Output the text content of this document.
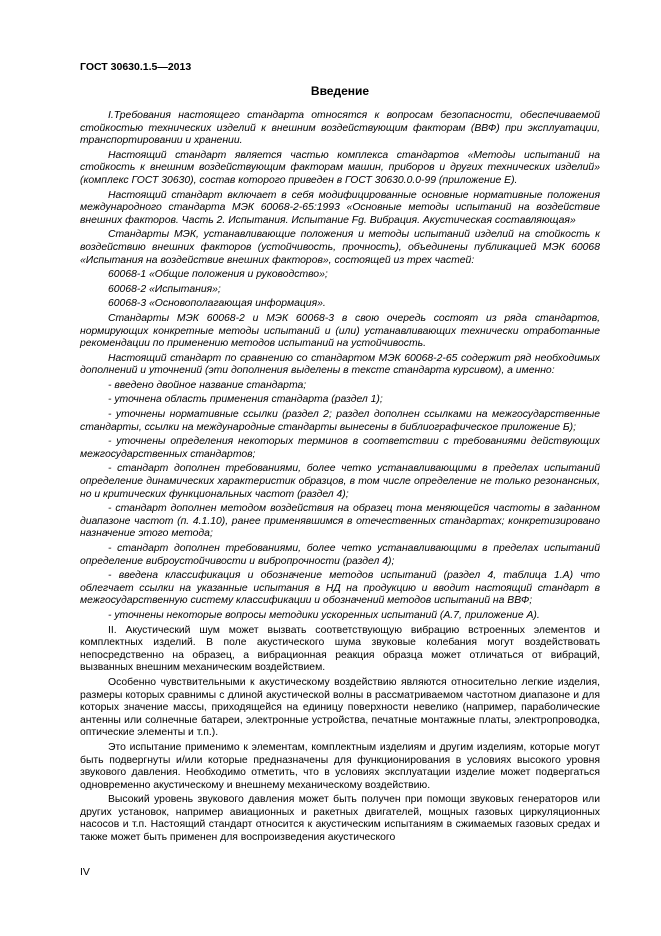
ГОСТ 30630.1.5—2013
Введение

I.Требования настоящего стандарта относятся к вопросам безопасности, обеспечиваемой стойкостью технических изделий к внешним воздействующим факторам (ВВФ) при эксплуатации, транспортировании и хранении.

Настоящий стандарт является частью комплекса стандартов «Методы испытаний на стойкость к внешним воздействующим факторам машин, приборов и других технических изделий» (комплекс ГОСТ 30630), состав которого приведен в ГОСТ 30630.0.0-99 (приложение Е).

Настоящий стандарт включает в себя модифицированные основные нормативные положения международного стандарта МЭК 60068-2-65:1993 «Основные методы испытаний на воздействие внешних факторов. Часть 2. Испытания. Испытание Fg. Вибрация. Акустическая составляющая»

Стандарты МЭК, устанавливающие положения и методы испытаний изделий на стойкость к воздействию внешних факторов (устойчивость, прочность), объединены публикацией МЭК 60068 «Испытания на воздействие внешних факторов», состоящей из трех частей:

60068-1 «Общие положения и руководство»;

60068-2 «Испытания»;

60068-3 «Основополагающая информация».

Стандарты МЭК 60068-2 и МЭК 60068-3 в свою очередь состоят из ряда стандартов, нормирующих конкретные методы испытаний и (или) устанавливающих технически отработанные рекомендации по применению методов испытаний на устойчивость.

Настоящий стандарт по сравнению со стандартом МЭК 60068-2-65 содержит ряд необходимых дополнений и уточнений (эти дополнения выделены в тексте стандарта курсивом), а именно:

- введено двойное название стандарта;

- уточнена область применения стандарта (раздел 1);

- уточнены нормативные ссылки (раздел 2; раздел дополнен ссылками на межгосударственные стандарты, ссылки на международные стандарты вынесены в библиографическое приложение Б);

- уточнены определения некоторых терминов в соответствии с требованиями действующих межгосударственных стандартов;

- стандарт дополнен требованиями, более четко устанавливающими в пределах испытаний определение динамических характеристик образцов, в том числе определение не только резонансных, но и критических функциональных частот (раздел 4);

- стандарт дополнен методом воздействия на образец тона меняющейся частоты в заданном диапазоне частот (п. 4.1.10), ранее применявшимся в отечественных стандартах; конкретизировано назначение этого метода;

- стандарт дополнен требованиями, более четко устанавливающими в пределах испытаний определение виброустойчивости и вибропрочности (раздел 4);

- введена классификация и обозначение методов испытаний (раздел 4, таблица 1.А) что облегчает ссылки на указанные испытания в НД на продукцию и вводит настоящий стандарт в межгосударственную систему классификации и обозначений методов испытаний на ВВФ;

- уточнены некоторые вопросы методики ускоренных испытаний (А.7, приложение А).

II. Акустический шум может вызвать соответствующую вибрацию встроенных элементов и комплектных изделий. В поле акустического шума звуковые колебания могут воздействовать непосредственно на образец, а вибрационная реакция образца может отличаться от вибраций, вызванных внешним механическим воздействием.

Особенно чувствительными к акустическому воздействию являются относительно легкие изделия, размеры которых сравнимы с длиной акустической волны в рассматриваемом частотном диапазоне и для которых значение массы, приходящейся на единицу поверхности невелико (например, параболические антенны или солнечные батареи, электронные устройства, печатные монтажные платы, электропроводка, оптические элементы и т.п.).

Это испытание применимо к элементам, комплектным изделиям и другим изделиям, которые могут быть подвергнуты и/или которые предназначены для функционирования в условиях высокого уровня звукового давления. Необходимо отметить, что в условиях эксплуатации изделие может подвергаться одновременно акустическому и внешнему механическому воздействию.

Высокий уровень звукового давления может быть получен при помощи звуковых генераторов или других установок, например авиационных и ракетных двигателей, мощных газовых циркуляционных насосов и т.п. Настоящий стандарт относится к акустическим испытаниям в сжимаемых газовых средах и также может быть применен для воспроизведения акустического

IV
